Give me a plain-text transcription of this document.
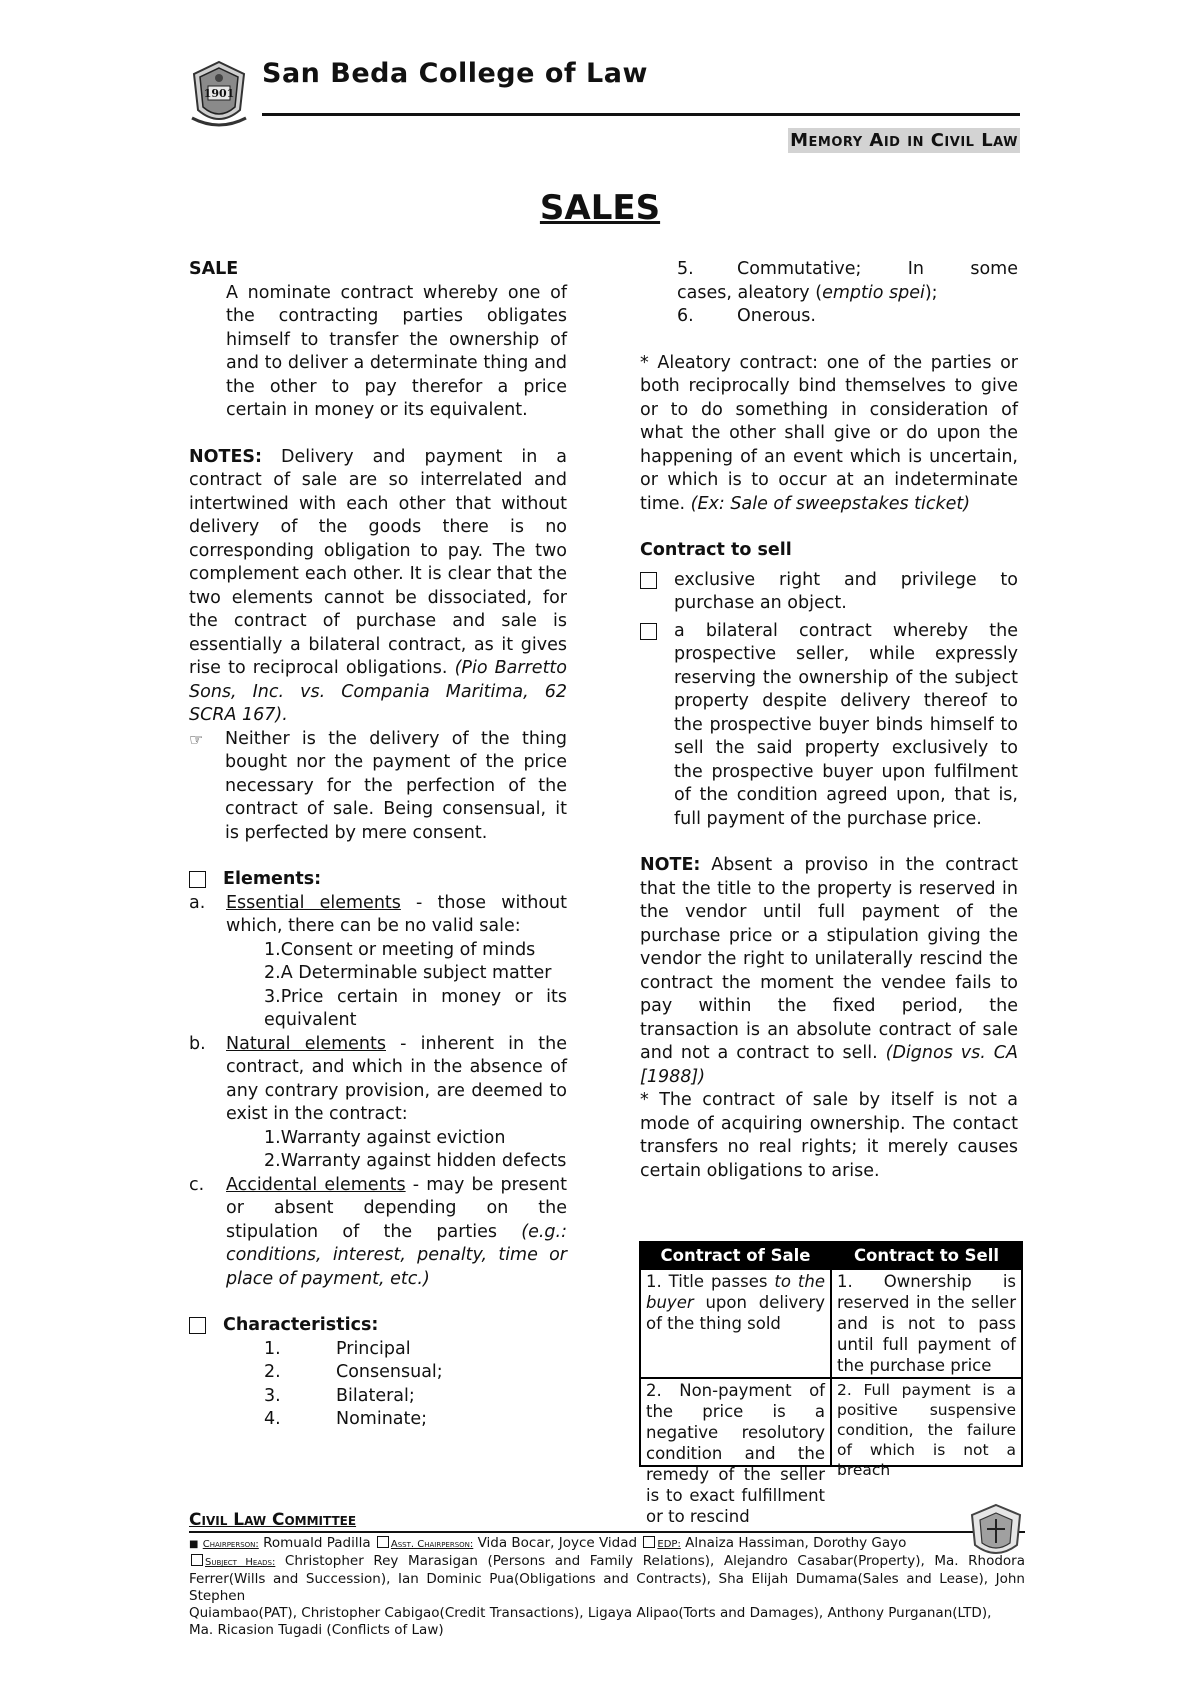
1901
San Beda College of Law
Memory Aid in Civil Law
SALES
SALE
A nominate contract whereby one of the contracting parties obligates himself to transfer the ownership of and to deliver a determinate thing and the other to pay therefor a price certain in money or its equivalent.
NOTES: Delivery and payment in a contract of sale are so interrelated and intertwined with each other that without delivery of the goods there is no corresponding obligation to pay. The two complement each other. It is clear that the two elements cannot be dissociated, for the contract of purchase and sale is essentially a bilateral contract, as it gives rise to reciprocal obligations. (Pio Barretto Sons, Inc. vs. Compania Maritima, 62 SCRA 167).
☞	Neither is the delivery of the thing bought nor the payment of the price necessary for the perfection of the contract of sale. Being consensual, it is perfected by mere consent.
Elements:
a.	Essential elements - those without which, there can be no valid sale:
1.Consent or meeting of minds
2.A Determinable subject matter
3.Price certain in money or its equivalent
b.	Natural elements - inherent in the contract, and which in the absence of any contrary provision, are deemed to exist in the contract:
1.Warranty against eviction
2.Warranty against hidden defects
c.	Accidental elements - may be present or absent depending on the stipulation of the parties (e.g.: conditions, interest, penalty, time or place of payment, etc.)
Characteristics:
1.	Principal
2.	Consensual;
3.	Bilateral;
4.	Nominate;
5.	Commutative;	In	some
cases, aleatory (emptio spei);
6.	Onerous.
* Aleatory contract: one of the parties or both reciprocally bind themselves to give or to do something in consideration of what the other shall give or do upon the happening of an event which is uncertain, or which is to occur at an indeterminate time. (Ex: Sale of sweepstakes ticket)
Contract to sell
exclusive right and privilege to purchase an object.
a bilateral contract whereby the prospective seller, while expressly reserving the ownership of the subject property despite delivery thereof to the prospective buyer binds himself to sell the said property exclusively to the prospective buyer upon fulfilment of the condition agreed upon, that is, full payment of the purchase price.
NOTE: Absent a proviso in the contract that the title to the property is reserved in the vendor until full payment of the purchase price or a stipulation giving the vendor the right to unilaterally rescind the contract the moment the vendee fails to pay within the fixed period, the transaction is an absolute contract of sale and not a contract to sell. (Dignos vs. CA [1988])
* The contract of sale by itself is not a mode of acquiring ownership. The contact transfers no real rights; it merely causes certain obligations to arise.
Contract of Sale	Contract to Sell
1. Title passes to the buyer upon delivery of the thing sold	1. Ownership is reserved in the seller and is not to pass until full payment of the purchase price

2. Non-payment of the price is a negative resolutory condition and the remedy of the seller is to exact fulfillment or to rescind	2. Full payment is a positive suspensive condition, the failure of which is not a breach
Civil Law Committee
■ Chairperson: Romuald Padilla Asst. Chairperson: Vida Bocar, Joyce Vidad EDP: Alnaiza Hassiman, Dorothy Gayo
Subject Heads: Christopher Rey Marasigan (Persons and Family Relations), Alejandro Casabar(Property), Ma. Rhodora Ferrer(Wills and Succession), Ian Dominic Pua(Obligations and Contracts), Sha Elijah Dumama(Sales and Lease), John Stephen
Quiambao(PAT), Christopher Cabigao(Credit Transactions), Ligaya Alipao(Torts and Damages), Anthony Purganan(LTD),
Ma. Ricasion Tugadi (Conflicts of Law)
